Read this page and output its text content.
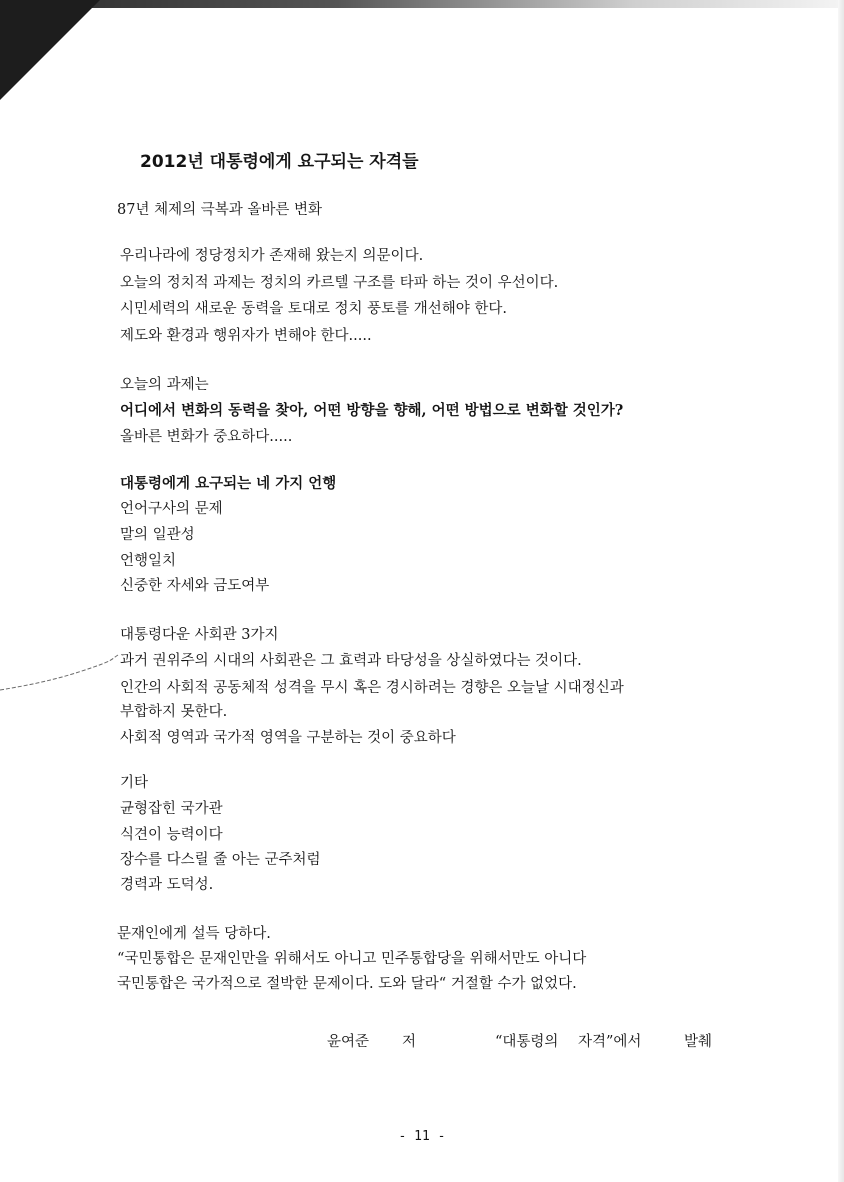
2012년 대통령에게 요구되는 자격들
87년 체제의 극복과 올바른 변화
우리나라에 정당정치가 존재해 왔는지 의문이다.
오늘의 정치적 과제는 정치의 카르텔 구조를 타파 하는 것이 우선이다.
시민세력의 새로운 동력을 토대로 정치 풍토를 개선해야 한다.
제도와 환경과 행위자가 변해야 한다.....
오늘의 과제는
어디에서 변화의 동력을 찾아, 어떤 방향을 향해, 어떤 방법으로 변화할 것인가?
올바른 변화가 중요하다.....
대통령에게 요구되는 네 가지 언행
언어구사의 문제
말의 일관성
언행일치
신중한 자세와 금도여부
대통령다운 사회관 3가지
과거 권위주의 시대의 사회관은 그 효력과 타당성을 상실하였다는 것이다.
인간의 사회적 공동체적 성격을 무시 혹은 경시하려는 경향은 오늘날 시대정신과
부합하지 못한다.
사회적 영역과 국가적 영역을 구분하는 것이 중요하다
기타
균형잡힌 국가관
식견이 능력이다
장수를 다스릴 줄 아는 군주처럼
경력과 도덕성.
문재인에게 설득 당하다.
“국민통합은 문재인만을 위해서도 아니고 민주통합당을 위해서만도 아니다
국민통합은 국가적으로 절박한 문제이다. 도와 달라“ 거절할 수가 없었다.
윤여준 저	“대통령의 자격”에서	발췌
- 11 -
